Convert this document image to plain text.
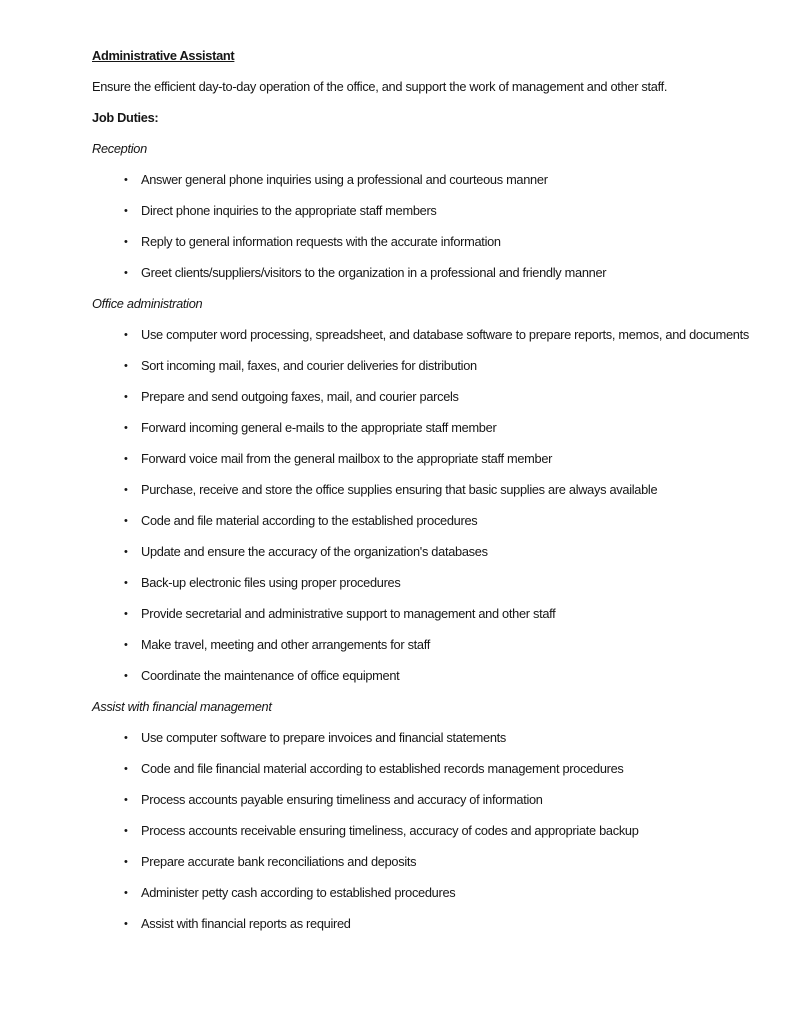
Administrative Assistant

Ensure the efficient day-to-day operation of the office, and support the work of management and other staff.

Job Duties:

Reception

•	Answer general phone inquiries using a professional and courteous manner
•	Direct phone inquiries to the appropriate staff members
•	Reply to general information requests with the accurate information
•	Greet clients/suppliers/visitors to the organization in a professional and friendly manner

Office administration

•	Use computer word processing, spreadsheet, and database software to prepare reports, memos, and documents
•	Sort incoming mail, faxes, and courier deliveries for distribution
•	Prepare and send outgoing faxes, mail, and courier parcels
•	Forward incoming general e-mails to the appropriate staff member
•	Forward voice mail from the general mailbox to the appropriate staff member
•	Purchase, receive and store the office supplies ensuring that basic supplies are always available
•	Code and file material according to the established procedures
•	Update and ensure the accuracy of the organization's databases
•	Back-up electronic files using proper procedures
•	Provide secretarial and administrative support to management and other staff
•	Make travel, meeting and other arrangements for staff
•	Coordinate the maintenance of office equipment

Assist with financial management

•	Use computer software to prepare invoices and financial statements
•	Code and file financial material according to established records management procedures
•	Process accounts payable ensuring timeliness and accuracy of information
•	Process accounts receivable ensuring timeliness, accuracy of codes and appropriate backup
•	Prepare accurate bank reconciliations and deposits
•	Administer petty cash according to established procedures
•	Assist with financial reports as required
